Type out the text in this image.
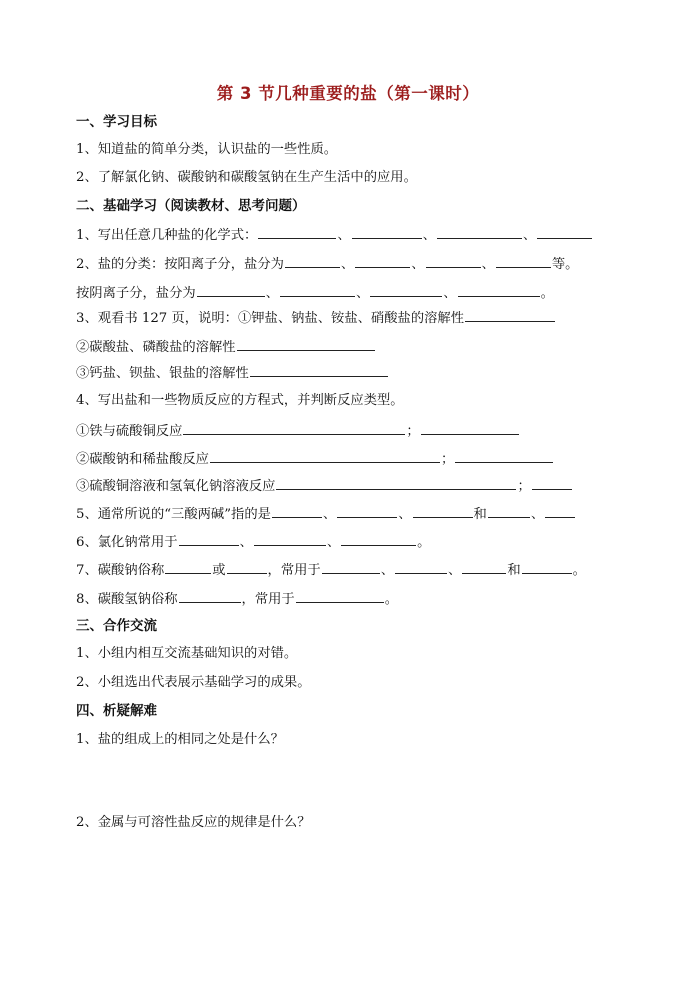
第 3 节几种重要的盐（第一课时）
一、学习目标
1、知道盐的简单分类，认识盐的一些性质。
2、了解氯化钠、碳酸钠和碳酸氢钠在生产生活中的应用。
二、基础学习（阅读教材、思考问题）
1、写出任意几种盐的化学式：	、	、	、
2、盐的分类：按阳离子分，盐分为	、	、	、	等。
按阴离子分，盐分为	、	、	、	。
3、观看书 127 页，说明：①钾盐、钠盐、铵盐、硝酸盐的溶解性
②碳酸盐、磷酸盐的溶解性
③钙盐、钡盐、银盐的溶解性
4、写出盐和一些物质反应的方程式，并判断反应类型。
①铁与硫酸铜反应	；
②碳酸钠和稀盐酸反应	；
③硫酸铜溶液和氢氧化钠溶液反应	；
5、通常所说的“三酸两碱”指的是	、	、	和	、
6、氯化钠常用于	、	、	。
7、碳酸钠俗称	或	，常用于	、	、	和	。
8、碳酸氢钠俗称	，常用于	。
三、合作交流
1、小组内相互交流基础知识的对错。
2、小组选出代表展示基础学习的成果。
四、析疑解难
1、盐的组成上的相同之处是什么？
2、金属与可溶性盐反应的规律是什么？
